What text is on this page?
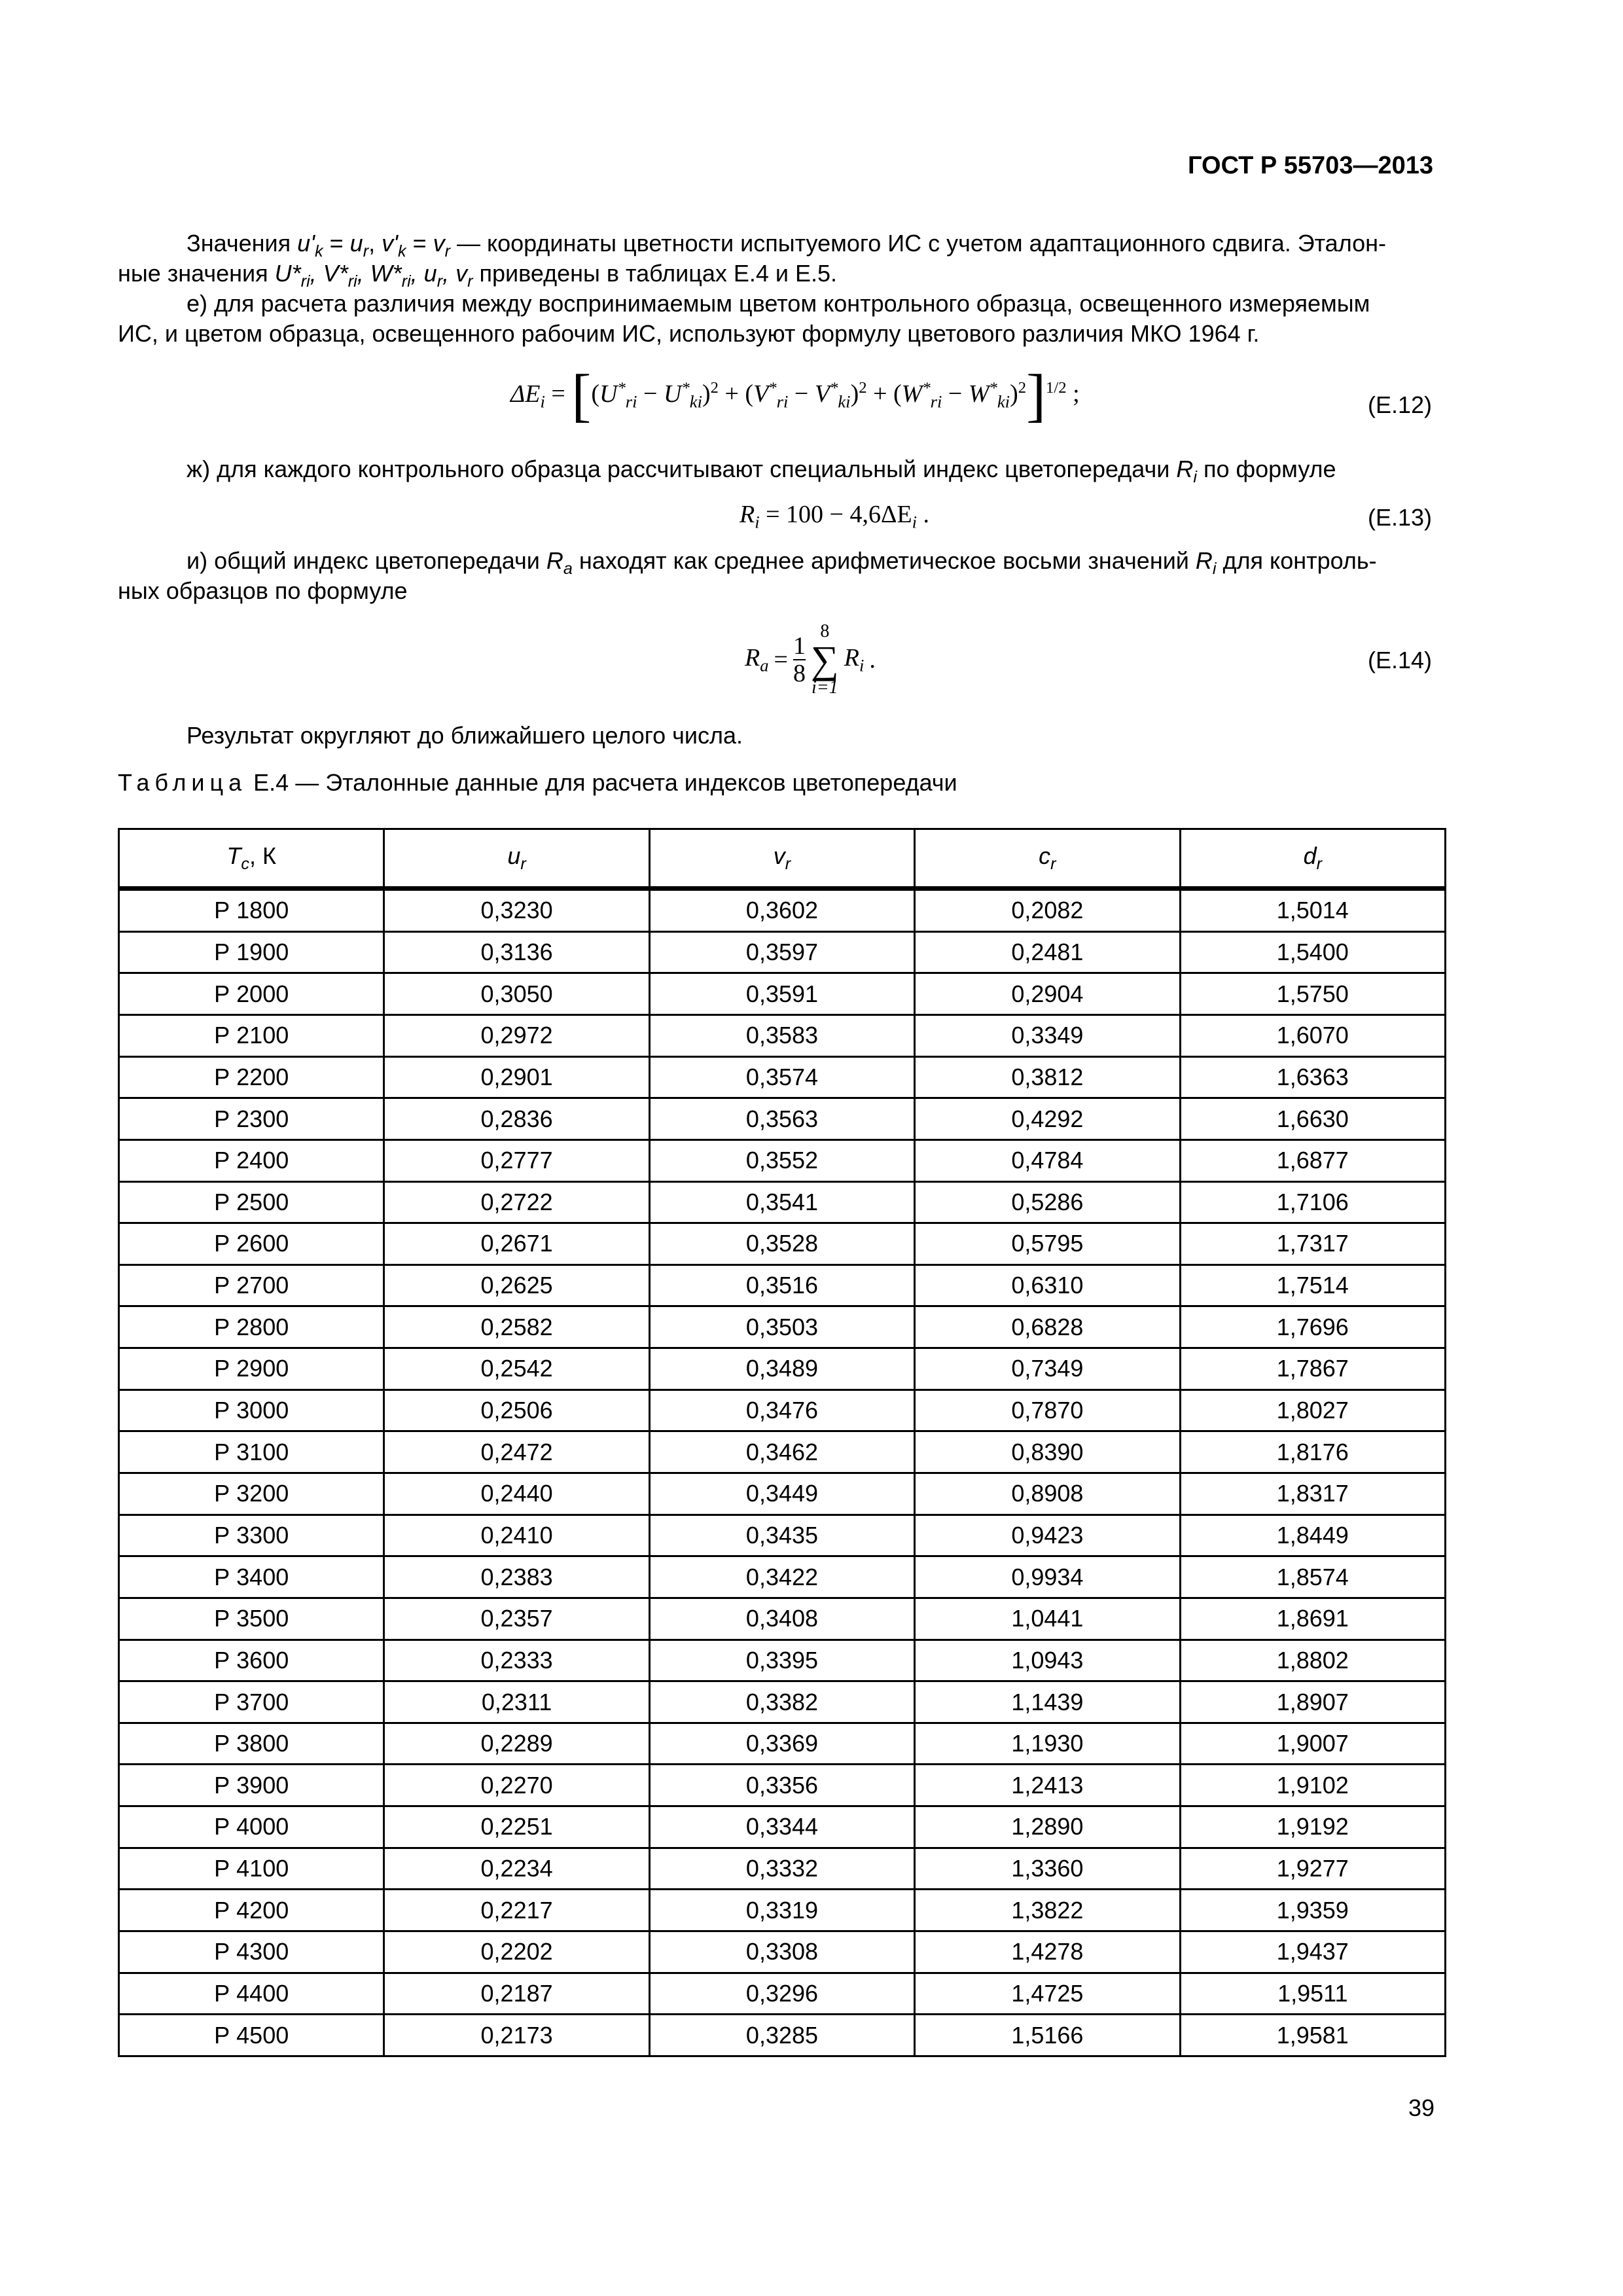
ГОСТ Р 55703—2013
Значения $u'_k = u_r$, $v'_k = v_r$ — координаты цветности испытуемого ИС с учетом адаптационного сдвига. Эталон-
ные значения $U*_{ri}$, $V*_{ri}$, $W*_{ri}$, $u_r$, $v_r$ приведены в таблицах Е.4 и Е.5.
е) для расчета различия между воспринимаемым цветом контрольного образца, освещенного измеряемым
ИС, и цветом образца, освещенного рабочим ИС, используют формулу цветового различия МКО 1964 г.
$\Delta E_i = [(U^*_{ri} - U^*_{ki})^2 + (V^*_{ri} - V^*_{ki})^2 + (W^*_{ri} - W^*_{ki})^2]^{1/2}$ ;	(Е.12)
ж) для каждого контрольного образца рассчитывают специальный индекс цветопередачи $R_i$ по формуле
$R_i = 100 - 4,6\Delta E_i$ .	(Е.13)
и) общий индекс цветопередачи $R_a$ находят как среднее арифметическое восьми значений $R_i$ для контроль-
ных образцов по формуле
$R_a = \frac{1}{8}$
8
∑
i=1
$R_i$ .	(Е.14)
Результат округляют до ближайшего целого числа.
Таблица Е.4 — Эталонные данные для расчета индексов цветопередачи
$T_c$, К	$u_r$	$v_r$	$c_r$	$d_r$
Р 1800	0,3230	0,3602	0,2082	1,5014
Р 1900	0,3136	0,3597	0,2481	1,5400
Р 2000	0,3050	0,3591	0,2904	1,5750
Р 2100	0,2972	0,3583	0,3349	1,6070
Р 2200	0,2901	0,3574	0,3812	1,6363
Р 2300	0,2836	0,3563	0,4292	1,6630
Р 2400	0,2777	0,3552	0,4784	1,6877
Р 2500	0,2722	0,3541	0,5286	1,7106
Р 2600	0,2671	0,3528	0,5795	1,7317
Р 2700	0,2625	0,3516	0,6310	1,7514
Р 2800	0,2582	0,3503	0,6828	1,7696
Р 2900	0,2542	0,3489	0,7349	1,7867
Р 3000	0,2506	0,3476	0,7870	1,8027
Р 3100	0,2472	0,3462	0,8390	1,8176
Р 3200	0,2440	0,3449	0,8908	1,8317
Р 3300	0,2410	0,3435	0,9423	1,8449
Р 3400	0,2383	0,3422	0,9934	1,8574
Р 3500	0,2357	0,3408	1,0441	1,8691
Р 3600	0,2333	0,3395	1,0943	1,8802
Р 3700	0,2311	0,3382	1,1439	1,8907
Р 3800	0,2289	0,3369	1,1930	1,9007
Р 3900	0,2270	0,3356	1,2413	1,9102
Р 4000	0,2251	0,3344	1,2890	1,9192
Р 4100	0,2234	0,3332	1,3360	1,9277
Р 4200	0,2217	0,3319	1,3822	1,9359
Р 4300	0,2202	0,3308	1,4278	1,9437
Р 4400	0,2187	0,3296	1,4725	1,9511
Р 4500	0,2173	0,3285	1,5166	1,9581
39
